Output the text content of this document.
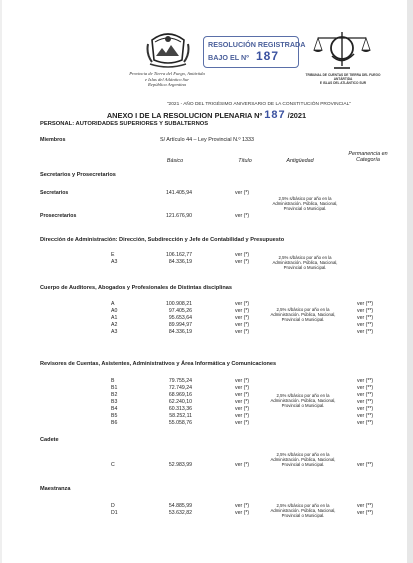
Provincia de Tierra del Fuego, Antártida
e Islas del Atlántico Sur
República Argentina
RESOLUCIÓN REGISTRADA
BAJO EL Nº 187
TRIBUNAL DE CUENTAS DE TIERRA DEL FUEGO
ANTÁRTIDA
E ISLAS DEL ATLÁNTICO SUR
"2021 - AÑO DEL TRIGÉSIMO ANIVERSARIO DE LA CONSTITUCIÓN PROVINCIAL"
ANEXO I DE LA RESOLUCION PLENARIA Nº 187 /2021
PERSONAL: AUTORIDADES SUPERIORES Y SUBALTERNOS
Miembros	S/ Artículo 44 – Ley Provincial N.º 1333
Básico	Título	Antigüedad
Permanencia en Categoría
Secretarios y Prosecretarios
Secretarios	141.405,94	ver (*)
2,5% s/básico por año en la Administración. Pública, Nacional, Provincial o Municipal.
Prosecretarios	121.676,90	ver (*)
Dirección de Administración: Dirección, Subdirección y Jefe de Contabilidad y Presupuesto
E	106.162,77	ver (*)
A3	84.336,19	ver (*)
2,5% s/básico por año en la Administración. Pública, Nacional, Provincial o Municipal.
Cuerpo de Auditores, Abogados y Profesionales de Distintas disciplinas
A	100.908,21	ver (*)	ver (**)
A0	97.405,26	ver (*)	ver (**)
A1	95.653,64	ver (*)	ver (**)
A2	89.994,97	ver (*)	ver (**)
A3	84.336,19	ver (*)	ver (**)
2,5% s/básico por año en la Administración. Pública, Nacional, Provincial o Municipal.
Revisores de Cuentas, Asistentes, Administrativos y Área Informática y Comunicaciones
B	79.755,24	ver (*)	ver (**)
B1	72.749,24	ver (*)	ver (**)
B2	68.969,16	ver (*)	ver (**)
B3	62.240,10	ver (*)	ver (**)
B4	60.313,36	ver (*)	ver (**)
B5	58.252,11	ver (*)	ver (**)
B6	55.058,76	ver (*)	ver (**)
2,5% s/básico por año en la Administración. Pública, Nacional, Provincial o Municipal.
Cadete
2,5% s/básico por año en la Administración. Pública, Nacional, Provincial o Municipal.
C	52.983,99	ver (*)	ver (**)
Maestranza
D	54.885,99	ver (*)	ver (**)
D1	53.632,82	ver (*)	ver (**)
2,5% s/básico por año en la Administración. Pública, Nacional, Provincial o Municipal.
